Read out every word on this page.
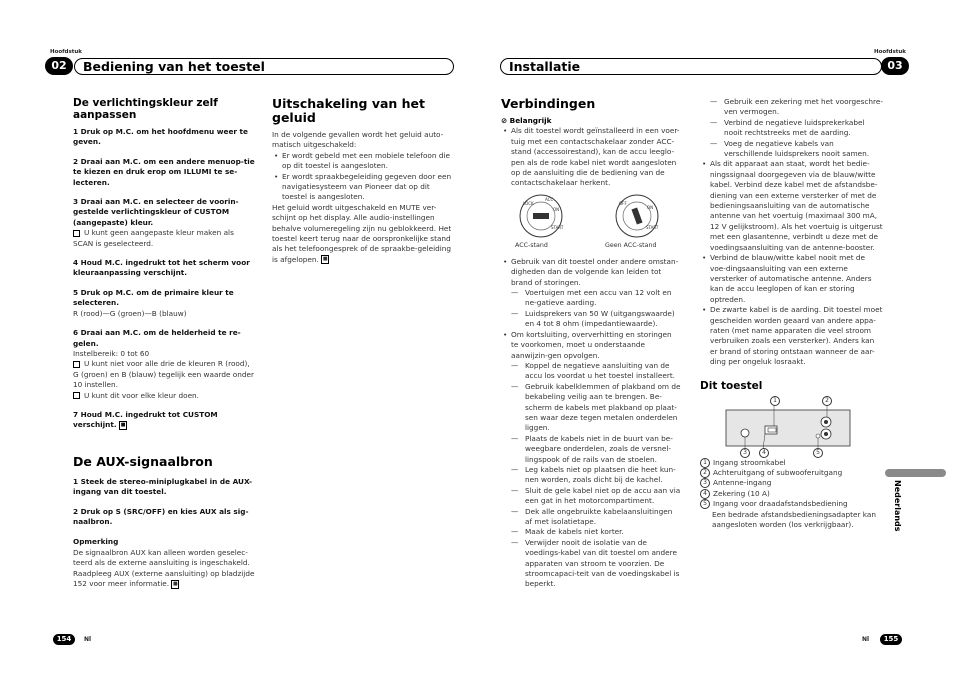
Hoofdstuk
02	Bediening van het toestel
Hoofdstuk
Installatie	03

De verlichtingskleur zelf aanpassen

1 Druk op M.C. om het hoofdmenu weer te geven.

2 Draai aan M.C. om een andere menuop-tie te kiezen en druk erop om ILLUMI te se-lecteren.

3 Draai aan M.C. en selecteer de voorin-gestelde verlichtingskleur of CUSTOM (aangepaste) kleur.

U kunt geen aangepaste kleur maken als SCAN is geselecteerd.

4 Houd M.C. ingedrukt tot het scherm voor kleuraanpassing verschijnt.

5 Druk op M.C. om de primaire kleur te selecteren.

R (rood)—G (groen)—B (blauw)

6 Draai aan M.C. om de helderheid te re-gelen.

Instelbereik: 0 tot 60

U kunt niet voor alle drie de kleuren R (rood), G (groen) en B (blauw) tegelijk een waarde onder 10 instellen.

U kunt dit voor elke kleur doen.

7 Houd M.C. ingedrukt tot CUSTOM verschijnt. ■

De AUX-signaalbron

1 Steek de stereo-miniplugkabel in de AUX-ingang van dit toestel.

2 Druk op S (SRC/OFF) en kies AUX als sig-naalbron.

Opmerking

De signaalbron AUX kan alleen worden geselec-teerd als de externe aansluiting is ingeschakeld. Raadpleeg AUX (externe aansluiting) op bladzijde 152 voor meer informatie. ■

Uitschakeling van het geluid

In de volgende gevallen wordt het geluid auto-matisch uitgeschakeld:

• Er wordt gebeld met een mobiele telefoon die op dit toestel is aangesloten.

• Er wordt spraakbegeleiding gegeven door een navigatiesysteem van Pioneer dat op dit toestel is aangesloten.

Het geluid wordt uitgeschakeld en MUTE ver-schijnt op het display. Alle audio-instellingen behalve volumeregeling zijn nu geblokkeerd. Het toestel keert terug naar de oorspronkelijke stand als het telefoongesprek of de spraakbe-geleiding is afgelopen. ■

Verbindingen

⊘ Belangrijk

• Als dit toestel wordt geïnstalleerd in een voer-tuig met een contactschakelaar zonder ACC-stand (accessoirestand), kan de accu leeglo-pen als de rode kabel niet wordt aangesloten op de aansluiting die de bediening van de contactschakelaar herkent.

LOCK
ACC
ON
START
OFF
ON
START
ACC-stand	Geen ACC-stand

• Gebruik van dit toestel onder andere omstan-digheden dan de volgende kan leiden tot brand of storingen.

— Voertuigen met een accu van 12 volt en ne-gatieve aarding.

— Luidsprekers van 50 W (uitgangswaarde) en 4 tot 8 ohm (impedantiewaarde).

• Om kortsluiting, oververhitting en storingen te voorkomen, moet u onderstaande aanwijzin-gen opvolgen.

— Koppel de negatieve aansluiting van de accu los voordat u het toestel installeert.

— Gebruik kabelklemmen of plakband om de bekabeling veilig aan te brengen. Be-scherm de kabels met plakband op plaat-sen waar deze tegen metalen onderdelen liggen.

— Plaats de kabels niet in de buurt van be-weegbare onderdelen, zoals de versnel-lingspook of de rails van de stoelen.

— Leg kabels niet op plaatsen die heet kun-nen worden, zoals dicht bij de kachel.

— Sluit de gele kabel niet op de accu aan via een gat in het motorcompartiment.

— Dek alle ongebruikte kabelaansluitingen af met isolatietape.

— Maak de kabels niet korter.

— Verwijder nooit de isolatie van de voedings-kabel van dit toestel om andere apparaten van stroom te voorzien. De stroomcapaci-teit van de voedingskabel is beperkt.

— Gebruik een zekering met het voorgeschre-ven vermogen.

— Verbind de negatieve luidsprekerkabel nooit rechtstreeks met de aarding.

— Voeg de negatieve kabels van verschillende luidsprekers nooit samen.

• Als dit apparaat aan staat, wordt het bedie-ningssignaal doorgegeven via de blauw/witte kabel. Verbind deze kabel met de afstandsbe-diening van een externe versterker of met de bedieningsaansluiting van de automatische antenne van het voertuig (maximaal 300 mA, 12 V gelijkstroom). Als het voertuig is uitgerust met een glasantenne, verbindt u deze met de voedingsaansluiting van de antenne-booster.

• Verbind de blauw/witte kabel nooit met de voe-dingsaansluiting van een externe versterker of automatische antenne. Anders kan de accu leeglopen of kan er storing optreden.

• De zwarte kabel is de aarding. Dit toestel moet gescheiden worden geaard van andere appa-raten (met name apparaten die veel stroom verbruiken zoals een versterker). Anders kan er brand of storing ontstaan wanneer de aar-ding per ongeluk losraakt.

Dit toestel

1	2
3	4	5

1 Ingang stroomkabel

2 Achteruitgang of subwooferuitgang

3 Antenne-ingang

4 Zekering (10 A)

5 Ingang voor draadafstandsbediening

Een bedrade afstandsbedieningsadapter kan aangesloten worden (los verkrijgbaar).	Nederlands
154	Nl	Nl	155
